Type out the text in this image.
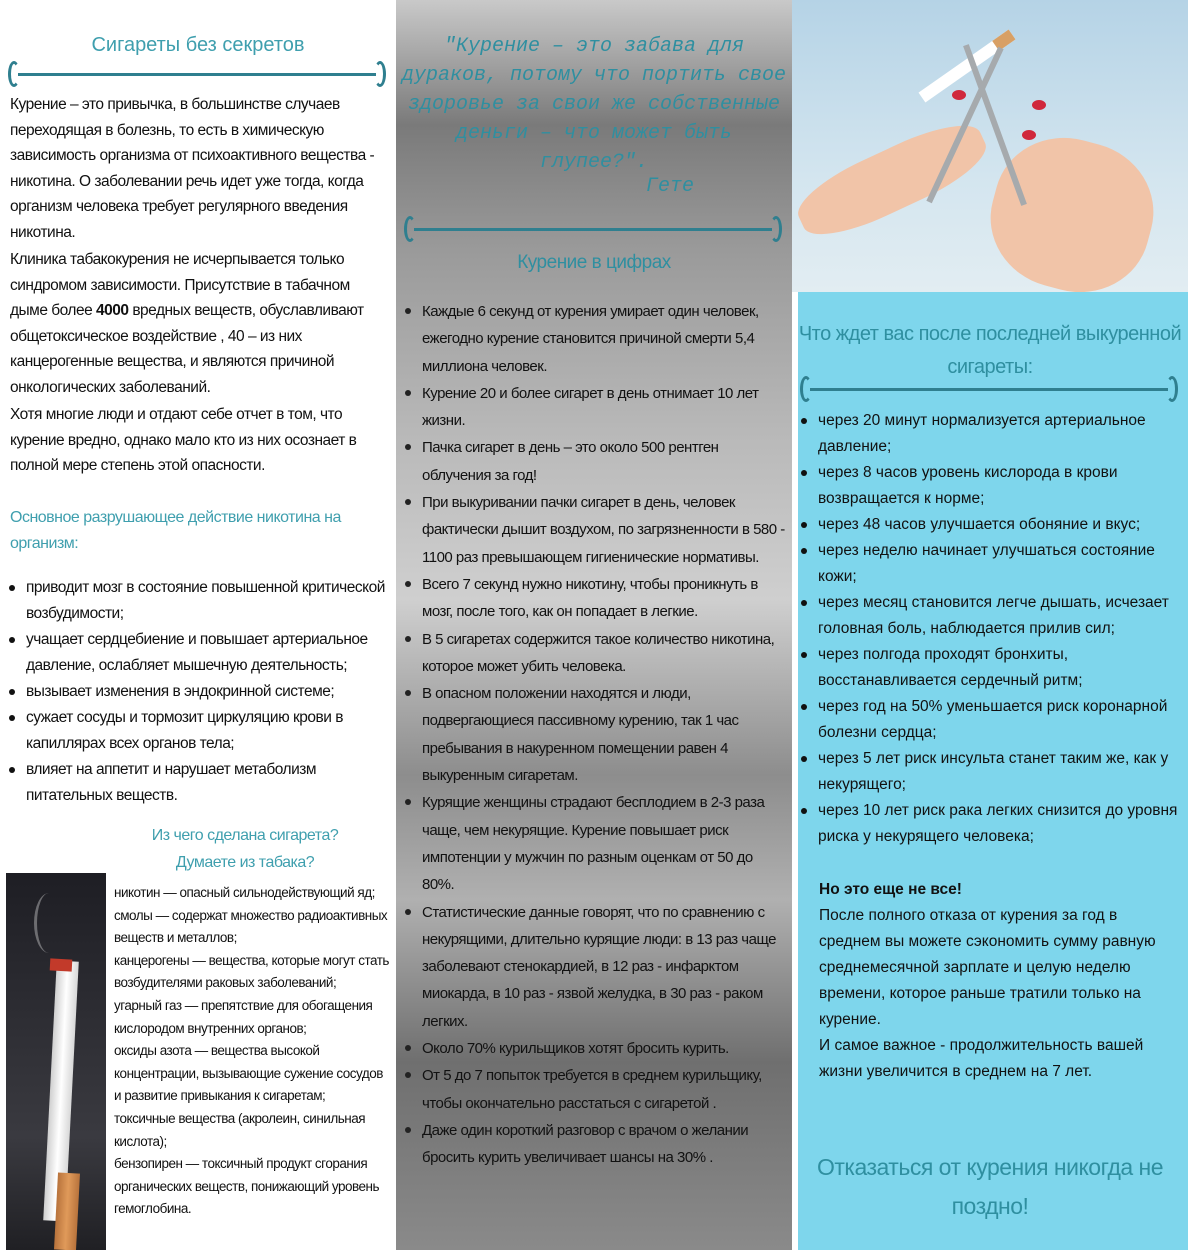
Сигареты без секретов
Курение – это привычка, в большинстве случаев переходящая в болезнь, то есть в химическую зависимость организма от психоактивного вещества - никотина. О заболевании речь идет уже тогда, когда организм человека требует регулярного введения никотина.
Клиника табакокурения не исчерпывается только синдромом зависимости. Присутствие в табачном дыме более 4000 вредных веществ, обуславливают общетоксическое воздействие , 40 – из них канцерогенные вещества, и являются причиной онкологических заболеваний.
Хотя многие люди и отдают себе отчет в том, что курение вредно, однако мало кто из них осознает в полной мере степень этой опасности.
Основное разрушающее действие никотина на организм:
приводит мозг в состояние повышенной критической возбудимости;
учащает сердцебиение и повышает артериальное давление, ослабляет мышечную деятельность;
вызывает изменения в эндокринной системе;
сужает сосуды и тормозит циркуляцию крови в капиллярах всех органов тела;
влияет на аппетит и нарушает метаболизм питательных веществ.
Из чего сделана сигарета?
Думаете из табака?
никотин — опасный сильнодействующий яд;
смолы — содержат множество радиоактивных веществ и металлов;
канцерогены — вещества, которые могут стать возбудителями раковых заболеваний;
угарный газ — препятствие для обогащения кислородом внутренних органов;
оксиды азота — вещества высокой концентрации, вызывающие сужение сосудов и развитие привыкания к сигаретам;
токсичные вещества (акролеин, синильная кислота);
бензопирен — токсичный продукт сгорания органических веществ, понижающий уровень гемоглобина.
"Курение – это забава для дураков, потому что портить свое здоровье за свои же собственные деньги – что может быть глупее?".
Гете
Курение в цифрах
Каждые 6 секунд от курения умирает один человек, ежегодно курение становится причиной смерти 5,4 миллиона человек.
Курение 20 и более сигарет в день отнимает 10 лет жизни.
Пачка сигарет в день – это около 500 рентген облучения за год!
При выкуривании пачки сигарет в день, человек фактически дышит воздухом, по загрязненности в 580 - 1100 раз превышающем гигиенические нормативы.
Всего 7 секунд нужно никотину, чтобы проникнуть в мозг, после того, как он попадает в легкие.
В 5 сигаретах содержится такое количество никотина, которое может убить человека.
В опасном положении находятся и люди, подвергающиеся пассивному курению, так 1 час пребывания в накуренном помещении равен 4 выкуренным сигаретам.
Курящие женщины страдают бесплодием в 2-3 раза чаще, чем некурящие. Курение повышает риск импотенции у мужчин по разным оценкам от 50 до 80%.
Статистические данные говорят, что по сравнению с некурящими, длительно курящие люди: в 13 раз чаще заболевают стенокардией, в 12 раз - инфарктом миокарда, в 10 раз - язвой желудка, в 30 раз - раком легких.
Около 70% курильщиков хотят бросить курить.
От 5 до 7 попыток требуется в среднем курильщику, чтобы окончательно расстаться с сигаретой .
Даже один короткий разговор с врачом о желании бросить курить увеличивает шансы на 30% .
Что ждет вас после последней выкуренной сигареты:
через 20 минут нормализуется артериальное давление;
через 8 часов уровень кислорода в крови возвращается к норме;
через 48 часов улучшается обоняние и вкус;
через неделю начинает улучшаться состояние кожи;
через месяц становится легче дышать, исчезает головная боль, наблюдается прилив сил;
через полгода проходят бронхиты, восстанавливается сердечный ритм;
через год на 50% уменьшается риск коронарной болезни сердца;
через 5 лет риск инсульта станет таким же, как у некурящего;
через 10 лет риск рака легких снизится до уровня риска у некурящего человека;
Но это еще не все!
После полного отказа от курения за год в среднем вы можете сэкономить сумму равную среднемесячной зарплате и целую неделю времени, которое раньше тратили только на курение.
И самое важное - продолжительность вашей жизни увеличится в среднем на 7 лет.
Отказаться от курения никогда не поздно!
